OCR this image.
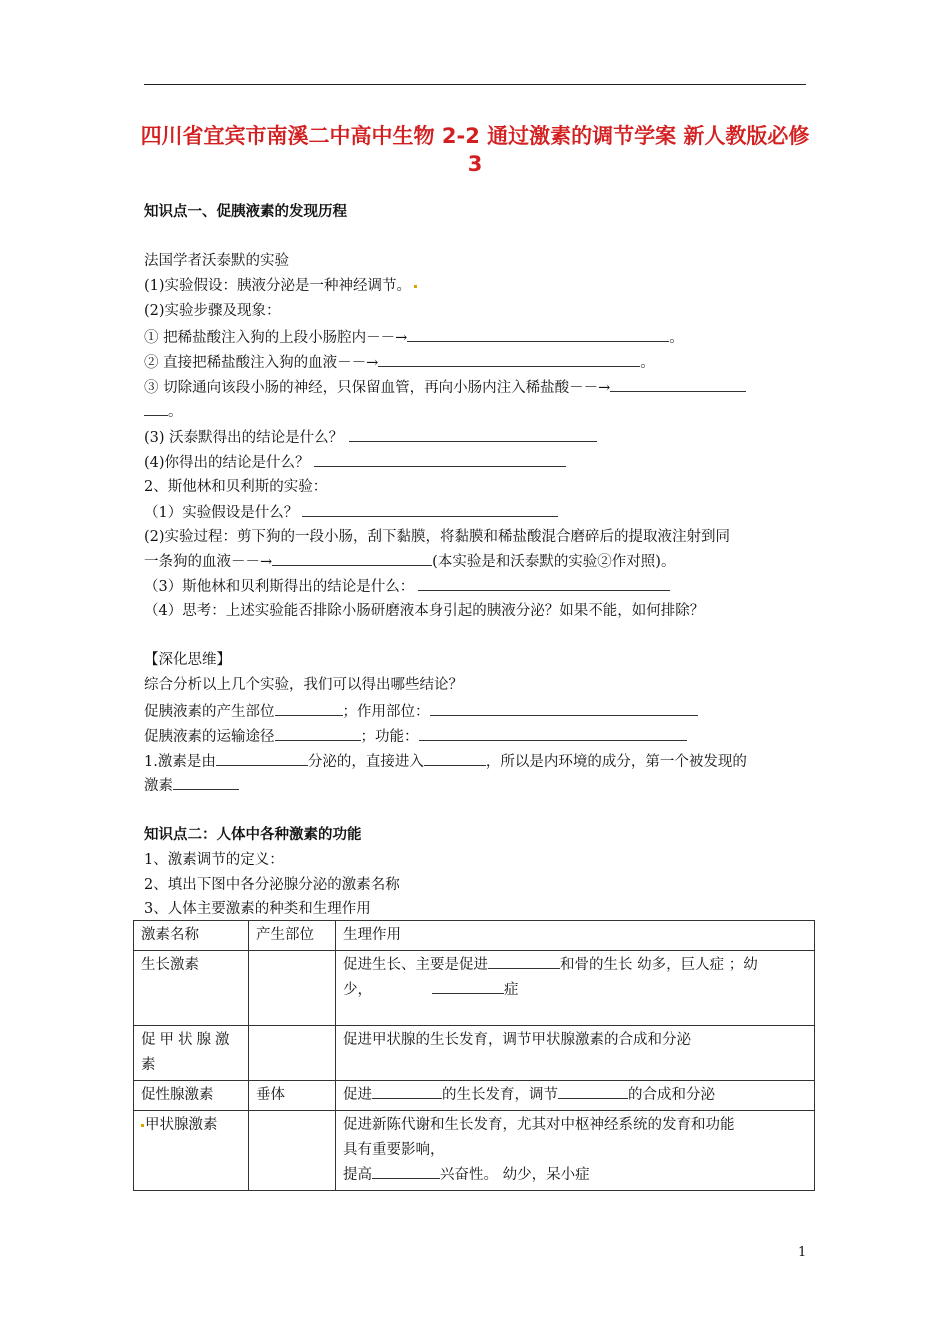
四川省宜宾市南溪二中高中生物 2-2 通过激素的调节学案 新人教版必修3
知识点一、促胰液素的发现历程
法国学者沃泰默的实验
(1)实验假设：胰液分泌是一种神经调节。
(2)实验步骤及现象：
① 把稀盐酸注入狗的上段小肠腔内－－→	。
② 直接把稀盐酸注入狗的血液－－→	。
③ 切除通向该段小肠的神经，只保留血管，再向小肠内注入稀盐酸－－→
。
(3) 沃泰默得出的结论是什么？
(4)你得出的结论是什么？
2、斯他林和贝利斯的实验：
（1）实验假设是什么？
(2)实验过程：剪下狗的一段小肠，刮下黏膜，将黏膜和稀盐酸混合磨碎后的提取液注射到同
一条狗的血液－－→	(本实验是和沃泰默的实验②作对照)。
（3）斯他林和贝利斯得出的结论是什么：
（4）思考：上述实验能否排除小肠研磨液本身引起的胰液分泌？如果不能，如何排除？
【深化思维】
综合分析以上几个实验，我们可以得出哪些结论？
促胰液素的产生部位	；作用部位：
促胰液素的运输途径	；功能：
1.激素是由	分泌的，直接进入	，所以是内环境的成分，第一个被发现的
激素
知识点二：人体中各种激素的功能
1、激素调节的定义：
2、填出下图中各分泌腺分泌的激素名称
3、人体主要激素的种类和生理作用
激素名称	产生部位	生理作用
生长激素		促进生长、主要是促进 和骨的生长 幼多，巨人症 ；幼
少， 症
促甲状腺激素		促进甲状腺的生长发育，调节甲状腺激素的合成和分泌
促性腺激素	垂体	促进 的生长发育，调节 的合成和分泌
甲状腺激素		促进新陈代谢和生长发育，尤其对中枢神经系统的发育和功能
具有重要影响，
提高 兴奋性。 幼少，呆小症
1
